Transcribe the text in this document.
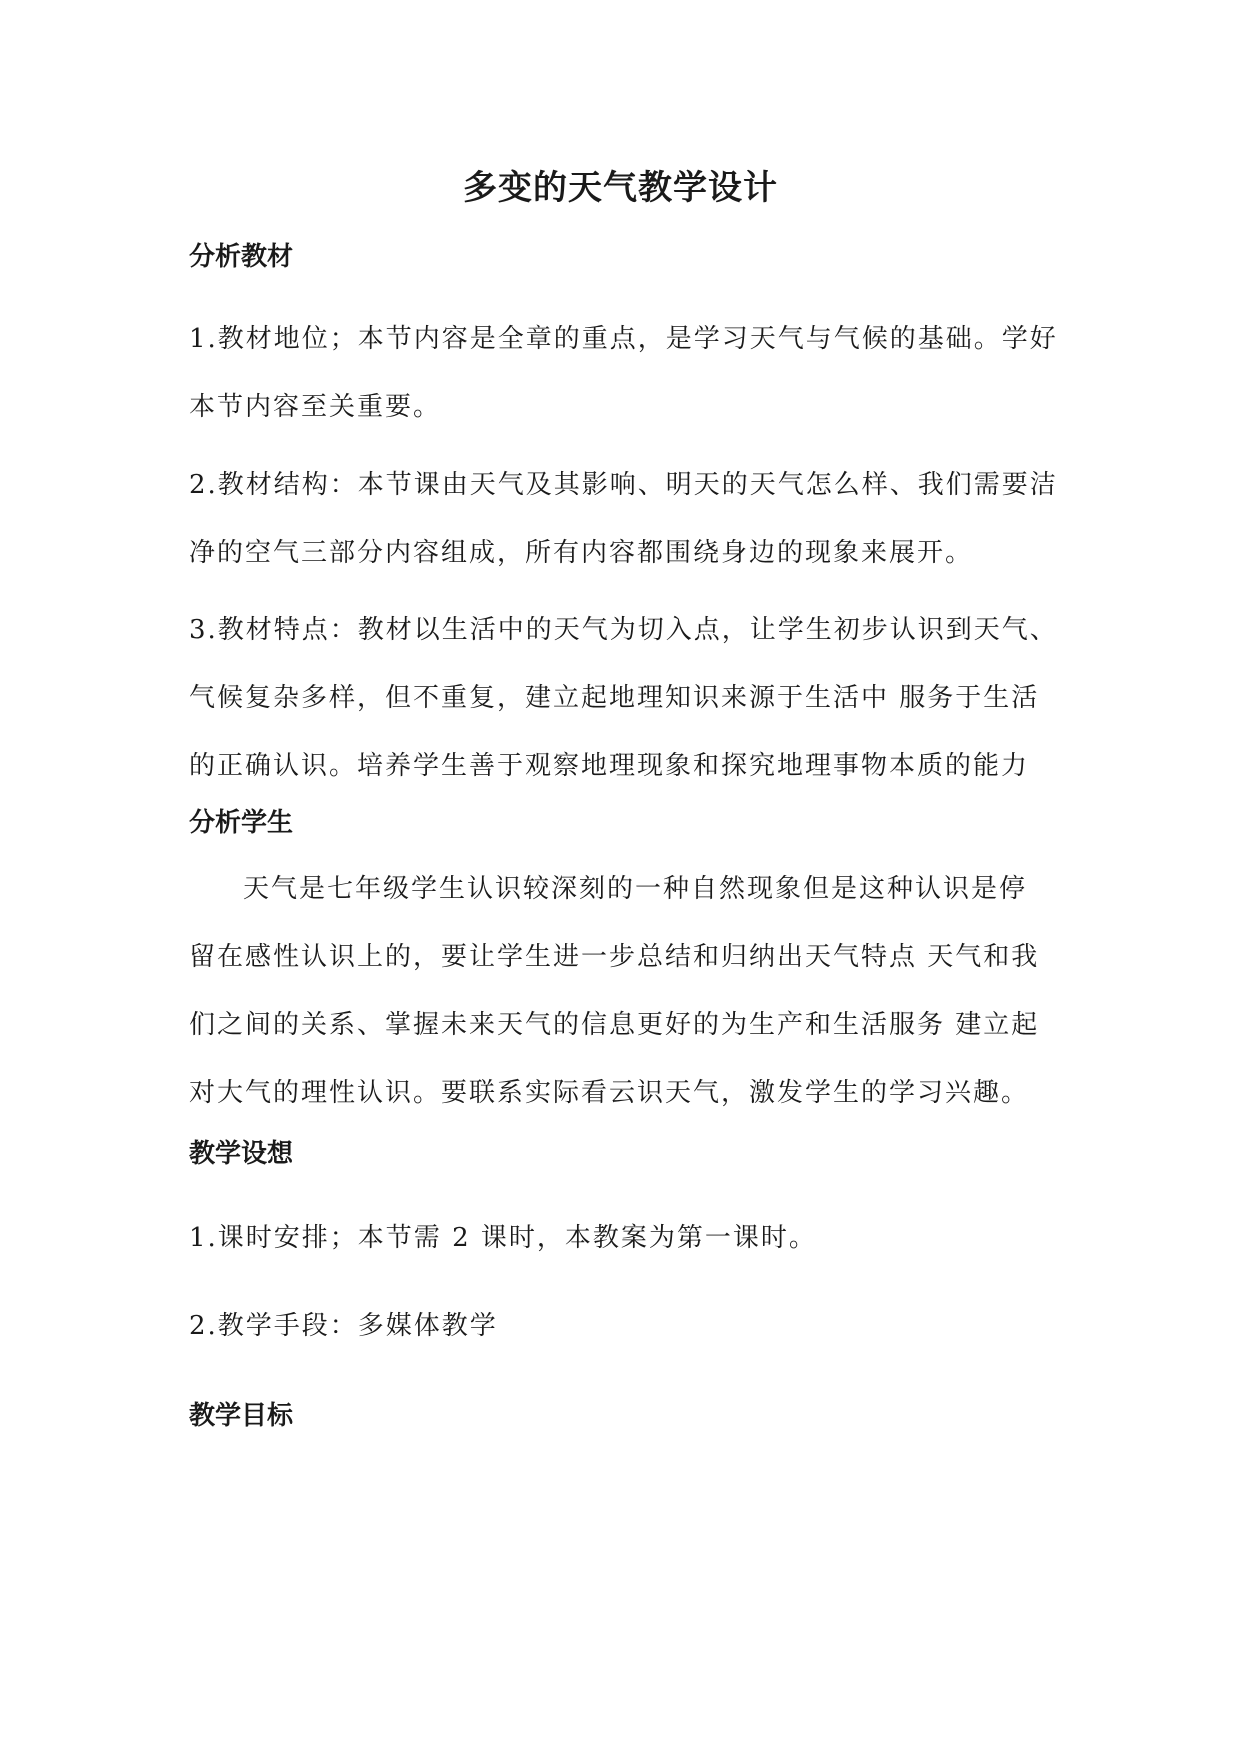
多变的天气教学设计
分析教材
1.教材地位；本节内容是全章的重点，是学习天气与气候的基础。学好
本节内容至关重要。
2.教材结构：本节课由天气及其影响、明天的天气怎么样、我们需要洁
净的空气三部分内容组成，所有内容都围绕身边的现象来展开。
3.教材特点：教材以生活中的天气为切入点，让学生初步认识到天气、
气候复杂多样，但不重复，建立起地理知识来源于生活中 服务于生活
的正确认识。培养学生善于观察地理现象和探究地理事物本质的能力
分析学生
天气是七年级学生认识较深刻的一种自然现象但是这种认识是停
留在感性认识上的，要让学生进一步总结和归纳出天气特点 天气和我
们之间的关系、掌握未来天气的信息更好的为生产和生活服务 建立起
对大气的理性认识。要联系实际看云识天气，激发学生的学习兴趣。
教学设想
1.课时安排；本节需 2 课时，本教案为第一课时。
2.教学手段：多媒体教学
教学目标
